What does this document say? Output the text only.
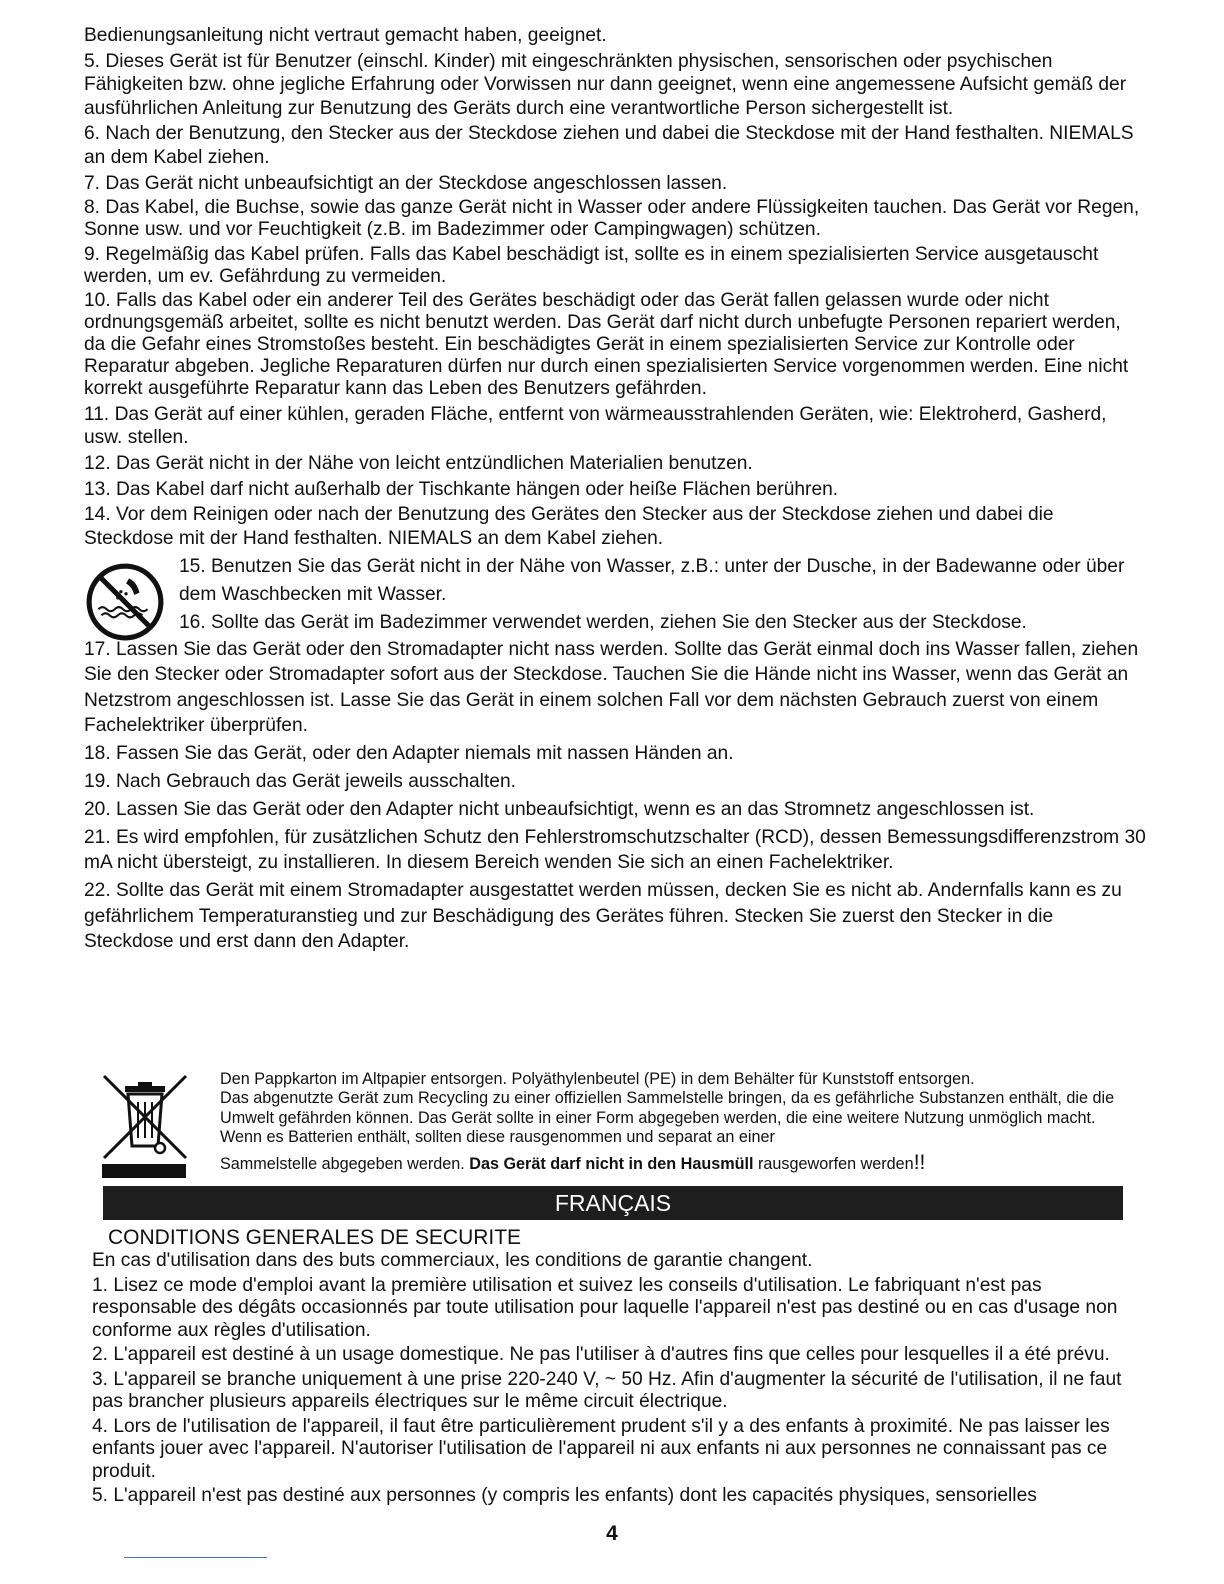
Bedienungsanleitung nicht vertraut gemacht haben, geeignet.

5. Dieses Gerät ist für Benutzer (einschl. Kinder) mit eingeschränkten physischen, sensorischen oder psychischen Fähigkeiten bzw. ohne jegliche Erfahrung oder Vorwissen nur dann geeignet, wenn eine angemessene Aufsicht gemäß der ausführlichen Anleitung zur Benutzung des Geräts durch eine verantwortliche Person sichergestellt ist.

6. Nach der Benutzung, den Stecker aus der Steckdose ziehen und dabei die Steckdose mit der Hand festhalten. NIEMALS an dem Kabel ziehen.

7. Das Gerät nicht unbeaufsichtigt an der Steckdose angeschlossen lassen.

8. Das Kabel, die Buchse, sowie das ganze Gerät nicht in Wasser oder andere Flüssigkeiten tauchen. Das Gerät vor Regen, Sonne usw. und vor Feuchtigkeit (z.B. im Badezimmer oder Campingwagen) schützen.

9. Regelmäßig das Kabel prüfen. Falls das Kabel beschädigt ist, sollte es in einem spezialisierten Service ausgetauscht werden, um ev. Gefährdung zu vermeiden.

10. Falls das Kabel oder ein anderer Teil des Gerätes beschädigt oder das Gerät fallen gelassen wurde oder nicht ordnungsgemäß arbeitet, sollte es nicht benutzt werden. Das Gerät darf nicht durch unbefugte Personen repariert werden, da die Gefahr eines Stromstoßes besteht. Ein beschädigtes Gerät in einem spezialisierten Service zur Kontrolle oder Reparatur abgeben. Jegliche Reparaturen dürfen nur durch einen spezialisierten Service vorgenommen werden. Eine nicht korrekt ausgeführte Reparatur kann das Leben des Benutzers gefährden.

11. Das Gerät auf einer kühlen, geraden Fläche, entfernt von wärmeausstrahlenden Geräten, wie: Elektroherd, Gasherd, usw. stellen.

12. Das Gerät nicht in der Nähe von leicht entzündlichen Materialien benutzen.

13. Das Kabel darf nicht außerhalb der Tischkante hängen oder heiße Flächen berühren.

14. Vor dem Reinigen oder nach der Benutzung des Gerätes den Stecker aus der Steckdose ziehen und dabei die Steckdose mit der Hand festhalten. NIEMALS an dem Kabel ziehen.

15. Benutzen Sie das Gerät nicht in der Nähe von Wasser, z.B.: unter der Dusche, in der Badewanne oder über dem Waschbecken mit Wasser.

16. Sollte das Gerät im Badezimmer verwendet werden, ziehen Sie den Stecker aus der Steckdose.

17. Lassen Sie das Gerät oder den Stromadapter nicht nass werden. Sollte das Gerät einmal doch ins Wasser fallen, ziehen Sie den Stecker oder Stromadapter sofort aus der Steckdose. Tauchen Sie die Hände nicht ins Wasser, wenn das Gerät an Netzstrom angeschlossen ist. Lasse Sie das Gerät in einem solchen Fall vor dem nächsten Gebrauch zuerst von einem Fachelektriker überprüfen.

18. Fassen Sie das Gerät, oder den Adapter niemals mit nassen Händen an.

19. Nach Gebrauch das Gerät jeweils ausschalten.

20. Lassen Sie das Gerät oder den Adapter nicht unbeaufsichtigt, wenn es an das Stromnetz angeschlossen ist.

21. Es wird empfohlen, für zusätzlichen Schutz den Fehlerstromschutzschalter (RCD), dessen Bemessungsdifferenzstrom 30 mA nicht übersteigt, zu installieren. In diesem Bereich wenden Sie sich an einen Fachelektriker.

22. Sollte das Gerät mit einem Stromadapter ausgestattet werden müssen, decken Sie es nicht ab. Andernfalls kann es zu gefährlichem Temperaturanstieg und zur Beschädigung des Gerätes führen. Stecken Sie zuerst den Stecker in die Steckdose und erst dann den Adapter.

Den Pappkarton im Altpapier entsorgen. Polyäthylenbeutel (PE) in dem Behälter für Kunststoff entsorgen.

Das abgenutzte Gerät zum Recycling zu einer offiziellen Sammelstelle bringen, da es gefährliche Substanzen enthält, die die Umwelt gefährden können. Das Gerät sollte in einer Form abgegeben werden, die eine weitere Nutzung unmöglich macht. Wenn es Batterien enthält, sollten diese rausgenommen und separat an einer

Sammelstelle abgegeben werden. Das Gerät darf nicht in den Hausmüll rausgeworfen werden!!

FRANÇAIS

CONDITIONS GENERALES DE SECURITE

En cas d'utilisation dans des buts commerciaux, les conditions de garantie changent.

1. Lisez ce mode d'emploi avant la première utilisation et suivez les conseils d'utilisation. Le fabriquant n'est pas responsable des dégâts occasionnés par toute utilisation pour laquelle l'appareil n'est pas destiné ou en cas d'usage non conforme aux règles d'utilisation.

2. L'appareil est destiné à un usage domestique. Ne pas l'utiliser à d'autres fins que celles pour lesquelles il a été prévu.

3. L'appareil se branche uniquement à une prise 220-240 V, ~ 50 Hz. Afin d'augmenter la sécurité de l'utilisation, il ne faut pas brancher plusieurs appareils électriques sur le même circuit électrique.

4. Lors de l'utilisation de l'appareil, il faut être particulièrement prudent s'il y a des enfants à proximité. Ne pas laisser les enfants jouer avec l'appareil. N'autoriser l'utilisation de l'appareil ni aux enfants ni aux personnes ne connaissant pas ce produit.

5. L'appareil n'est pas destiné aux personnes (y compris les enfants) dont les capacités physiques, sensorielles

4
